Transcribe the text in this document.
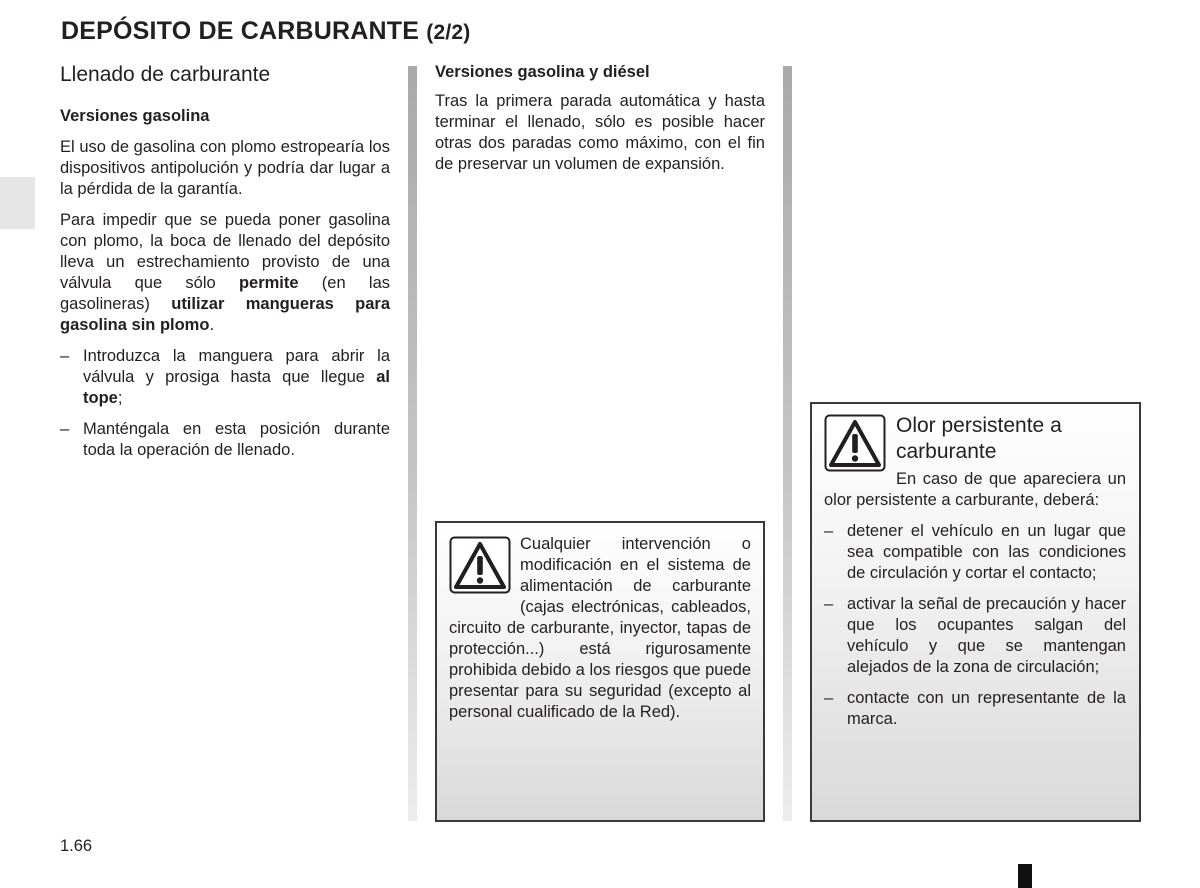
DEPÓSITO DE CARBURANTE (2/2)
Llenado de carburante
Versiones gasolina

El uso de gasolina con plomo estropearía los dispositivos antipolución y podría dar lugar a la pérdida de la garantía.

Para impedir que se pueda poner gasolina con plomo, la boca de llenado del depósito lleva un estrechamiento provisto de una válvula que sólo permite (en las gasolineras) utilizar mangueras para gasolina sin plomo.

– Introduzca la manguera para abrir la válvula y prosiga hasta que llegue al tope;
– Manténgala en esta posición durante toda la operación de llenado.
Versiones gasolina y diésel

Tras la primera parada automática y hasta terminar el llenado, sólo es posible hacer otras dos paradas como máximo, con el fin de preservar un volumen de expansión.

Cualquier intervención o modificación en el sistema de alimentación de carburante (cajas electrónicas, cableados, circuito de carburante, inyector, tapas de protección...) está rigurosamente prohibida debido a los riesgos que puede presentar para su seguridad (excepto al personal cualificado de la Red).

Olor persistente a carburante

En caso de que apareciera un olor persistente a carburante, deberá:

– detener el vehículo en un lugar que sea compatible con las condiciones de circulación y cortar el contacto;
– activar la señal de precaución y hacer que los ocupantes salgan del vehículo y que se mantengan alejados de la zona de circulación;
– contacte con un representante de la marca.
1.66
